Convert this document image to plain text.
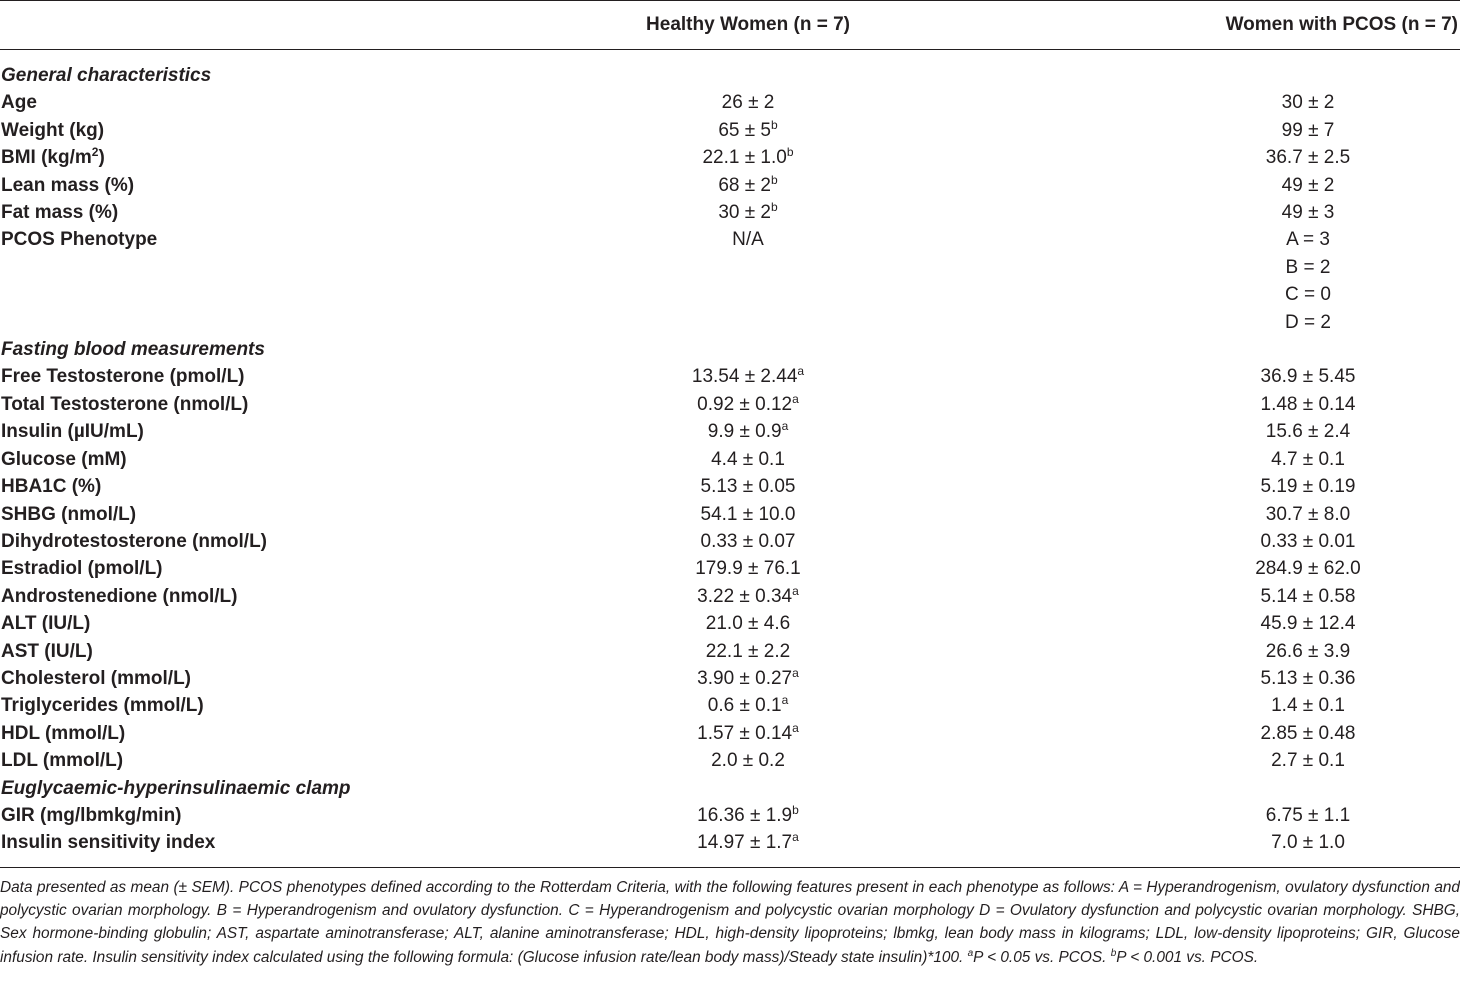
	Healthy Women (n = 7)	Women with PCOS (n = 7)
General characteristics		
Age	26 ± 2	30 ± 2
Weight (kg)	$65 \pm 5^b$	99 ± 7
BMI $(kg/m^2)$	22.1 ± 1.0$^b$	36.7 ± 2.5
Lean mass (%)	$68 \pm 2^b$	49 ± 2
Fat mass (%)	$30 \pm 2^b$	49 ± 3
PCOS Phenotype	N/A	A = 3
		B = 2
		C = 0
		D = 2
Fasting blood measurements		
Free Testosterone (pmol/L)	13.54 ± 2.44$^a$	36.9 ± 5.45
Total Testosterone (nmol/L)	0.92 ± 0.12$^a$	1.48 ± 0.14
Insulin (µIU/mL)	9.9 ± 0.9$^a$	15.6 ± 2.4
Glucose (mM)	4.4 ± 0.1	4.7 ± 0.1
HBA1C (%)	5.13 ± 0.05	5.19 ± 0.19
SHBG (nmol/L)	54.1 ± 10.0	30.7 ± 8.0
Dihydrotestosterone (nmol/L)	0.33 ± 0.07	0.33 ± 0.01
Estradiol (pmol/L)	179.9 ± 76.1	284.9 ± 62.0
Androstenedione (nmol/L)	3.22 ± 0.34$^a$	5.14 ± 0.58
ALT (IU/L)	21.0 ± 4.6	45.9 ± 12.4
AST (IU/L)	22.1 ± 2.2	26.6 ± 3.9
Cholesterol (mmol/L)	3.90 ± 0.27$^a$	5.13 ± 0.36
Triglycerides (mmol/L)	0.6 ± 0.1$^a$	1.4 ± 0.1
HDL (mmol/L)	1.57 ± 0.14$^a$	2.85 ± 0.48
LDL (mmol/L)	2.0 ± 0.2	2.7 ± 0.1
Euglycaemic-hyperinsulinaemic clamp		
GIR (mg/lbmkg/min)	16.36 ± 1.9$^b$	6.75 ± 1.1
Insulin sensitivity index	14.97 ± 1.7$^a$	7.0 ± 1.0
Data presented as mean (± SEM). PCOS phenotypes defined according to the Rotterdam Criteria, with the following features present in each phenotype as follows: A = Hyperandrogenism, ovulatory dysfunction and polycystic ovarian morphology. B = Hyperandrogenism and ovulatory dysfunction. C = Hyperandrogenism and polycystic ovarian morphology D = Ovulatory dysfunction and polycystic ovarian morphology. SHBG, Sex hormone-binding globulin; AST, aspartate aminotransferase; ALT, alanine aminotransferase; HDL, high-density lipoproteins; lbmkg, lean body mass in kilograms; LDL, low-density lipoproteins; GIR, Glucose infusion rate. Insulin sensitivity index calculated using the following formula: (Glucose infusion rate/lean body mass)/Steady state insulin)*100. $^a$P < 0.05 vs. PCOS. $^b$P < 0.001 vs. PCOS.
